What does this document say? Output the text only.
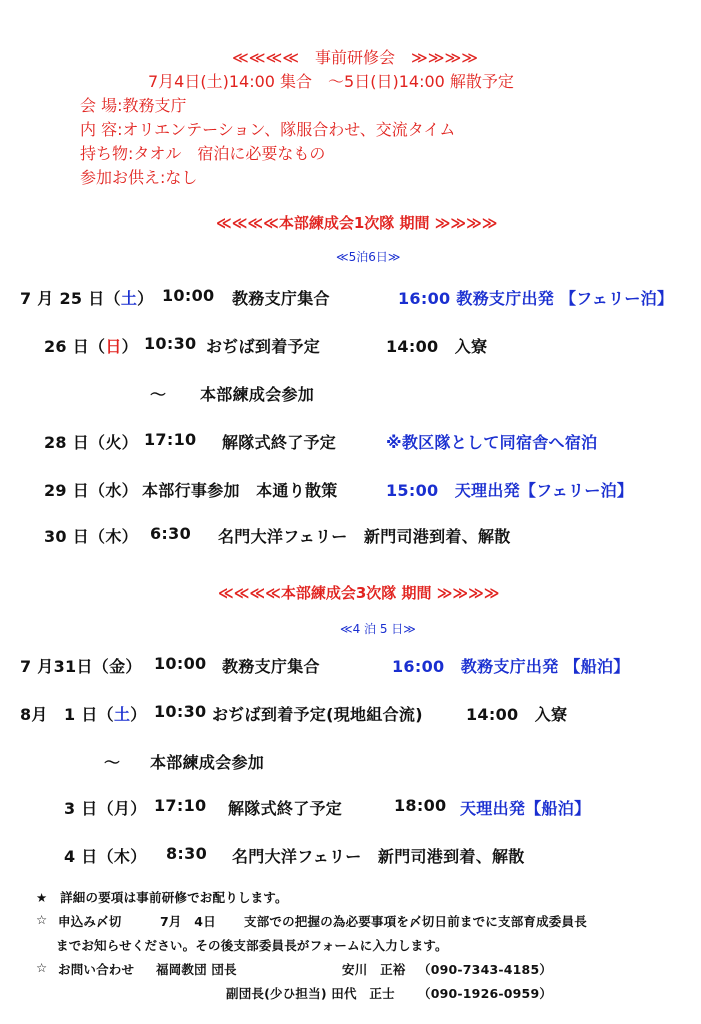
≪≪≪≪　事前研修会　≫≫≫≫
7月4日(土)14:00 集合　～5日(日)14:00 解散予定
会 場:教務支庁
内 容:オリエンテーション、隊服合わせ、交流タイム
持ち物:タオル　宿泊に必要なもの
参加お供え:なし
≪≪≪≪本部練成会1次隊 期間 ≫≫≫≫
≪5泊6日≫
7 月 25 日（土） 10:00 教務支庁集合	16:00 教務支庁出発 【フェリー泊】
26 日（日） 10:30 おぢば到着予定	14:00　入寮
～ 本部練成会参加
28 日（火） 17:10 解隊式終了予定	※教区隊として同宿舎へ宿泊
29 日（水） 本部行事参加　本通り散策	15:00　天理出発【フェリー泊】
30 日（木） 6:30 名門大洋フェリー　新門司港到着、解散
≪≪≪≪本部練成会3次隊 期間 ≫≫≫≫
≪4 泊 5 日≫
7 月31日（金） 10:00 教務支庁集合	16:00　教務支庁出発 【船泊】
8月　1 日（土） 10:30 おぢば到着予定(現地組合流)	14:00　入寮
～ 本部練成会参加
3 日（月） 17:10 解隊式終了予定	18:00 天理出発【船泊】
4 日（木） 8:30 名門大洋フェリー　新門司港到着、解散
★　詳細の要項は事前研修でお配りします。
☆ 申込み〆切	7月　4日 支部での把握の為必要事項を〆切日前までに支部育成委員長
までお知らせください。その後支部委員長がフォームに入力します。
☆ お問い合わせ 福岡教団 団長	安川　正裕 （090-7343-4185）
副団長(少ひ担当) 田代　正士 （090-1926-0959）
